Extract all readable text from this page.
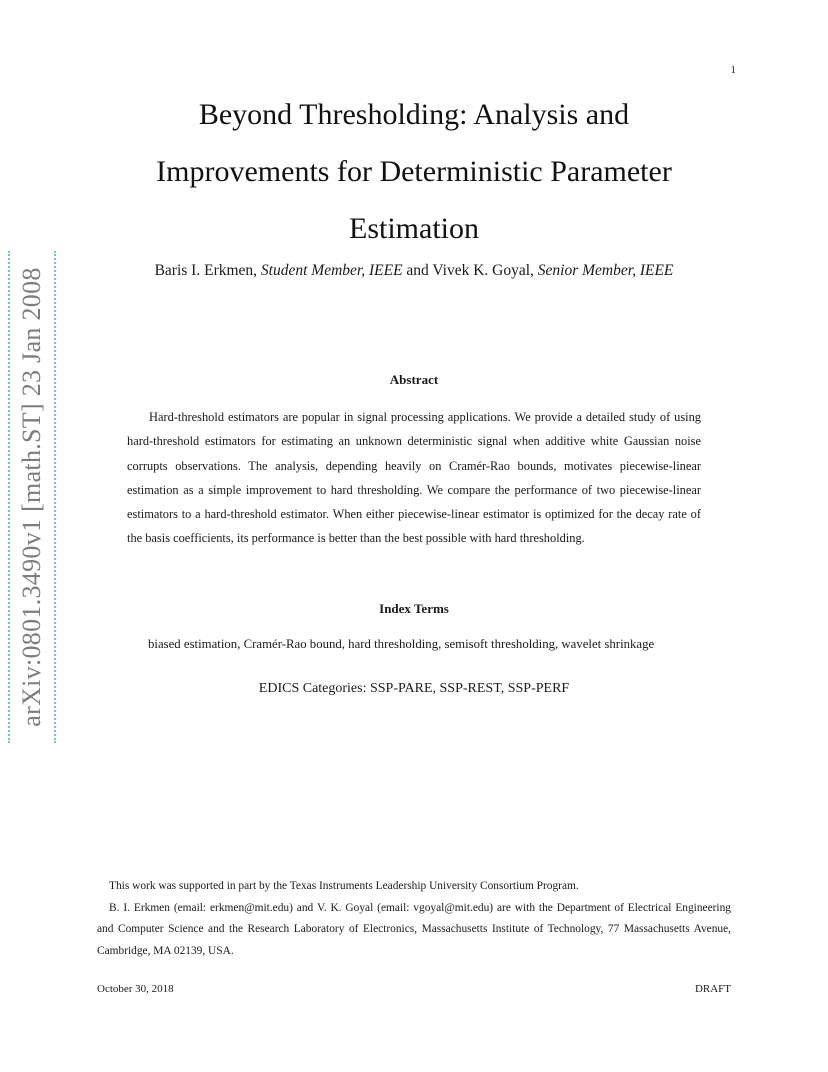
1
arXiv:0801.3490v1 [math.ST] 23 Jan 2008
Beyond Thresholding: Analysis and
Improvements for Deterministic Parameter
Estimation
Baris I. Erkmen, Student Member, IEEE and Vivek K. Goyal, Senior Member, IEEE
Abstract

Hard-threshold estimators are popular in signal processing applications. We provide a detailed study of using hard-threshold estimators for estimating an unknown deterministic signal when additive white Gaussian noise corrupts observations. The analysis, depending heavily on Cramér-Rao bounds, motivates piecewise-linear estimation as a simple improvement to hard thresholding. We compare the performance of two piecewise-linear estimators to a hard-threshold estimator. When either piecewise-linear estimator is optimized for the decay rate of the basis coefficients, its performance is better than the best possible with hard thresholding.

Index Terms
biased estimation, Cramér-Rao bound, hard thresholding, semisoft thresholding, wavelet shrinkage
EDICS Categories: SSP-PARE, SSP-REST, SSP-PERF

This work was supported in part by the Texas Instruments Leadership University Consortium Program.

B. I. Erkmen (email: erkmen@mit.edu) and V. K. Goyal (email: vgoyal@mit.edu) are with the Department of Electrical Engineering and Computer Science and the Research Laboratory of Electronics, Massachusetts Institute of Technology, 77 Massachusetts Avenue, Cambridge, MA 02139, USA.

October 30, 2018	DRAFT
